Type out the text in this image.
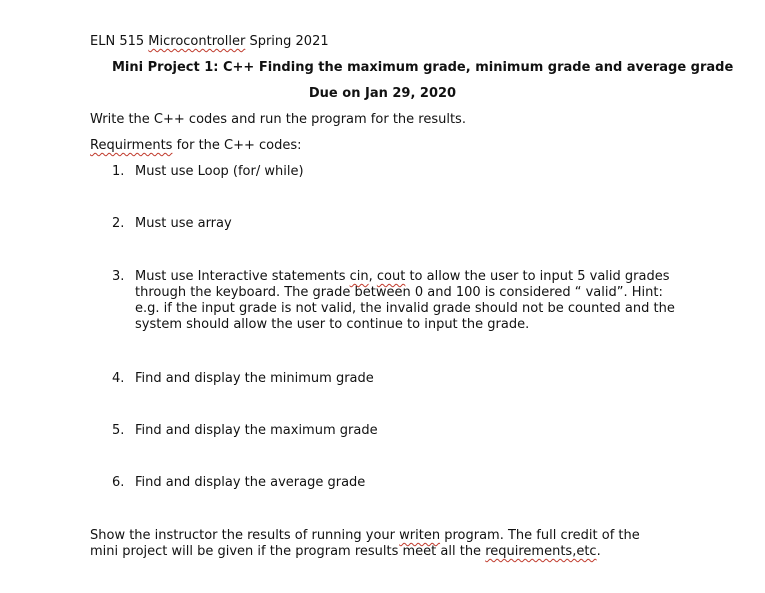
ELN 515 Microcontroller Spring 2021
Mini Project 1: C++ Finding the maximum grade, minimum grade and average grade
Due on Jan 29, 2020
Write the C++ codes and run the program for the results.
Requirments for the C++ codes:
1. Must use Loop (for/ while)
2. Must use array
3. Must use Interactive statements cin, cout to allow the user to input 5 valid grades through the keyboard. The grade between 0 and 100 is considered “ valid”. Hint: e.g. if the input grade is not valid, the invalid grade should not be counted and the system should allow the user to continue to input the grade.
4. Find and display the minimum grade
5. Find and display the maximum grade
6. Find and display the average grade
Show the instructor the results of running your writen program. The full credit of the mini project will be given if the program results meet all the requirements,etc.
